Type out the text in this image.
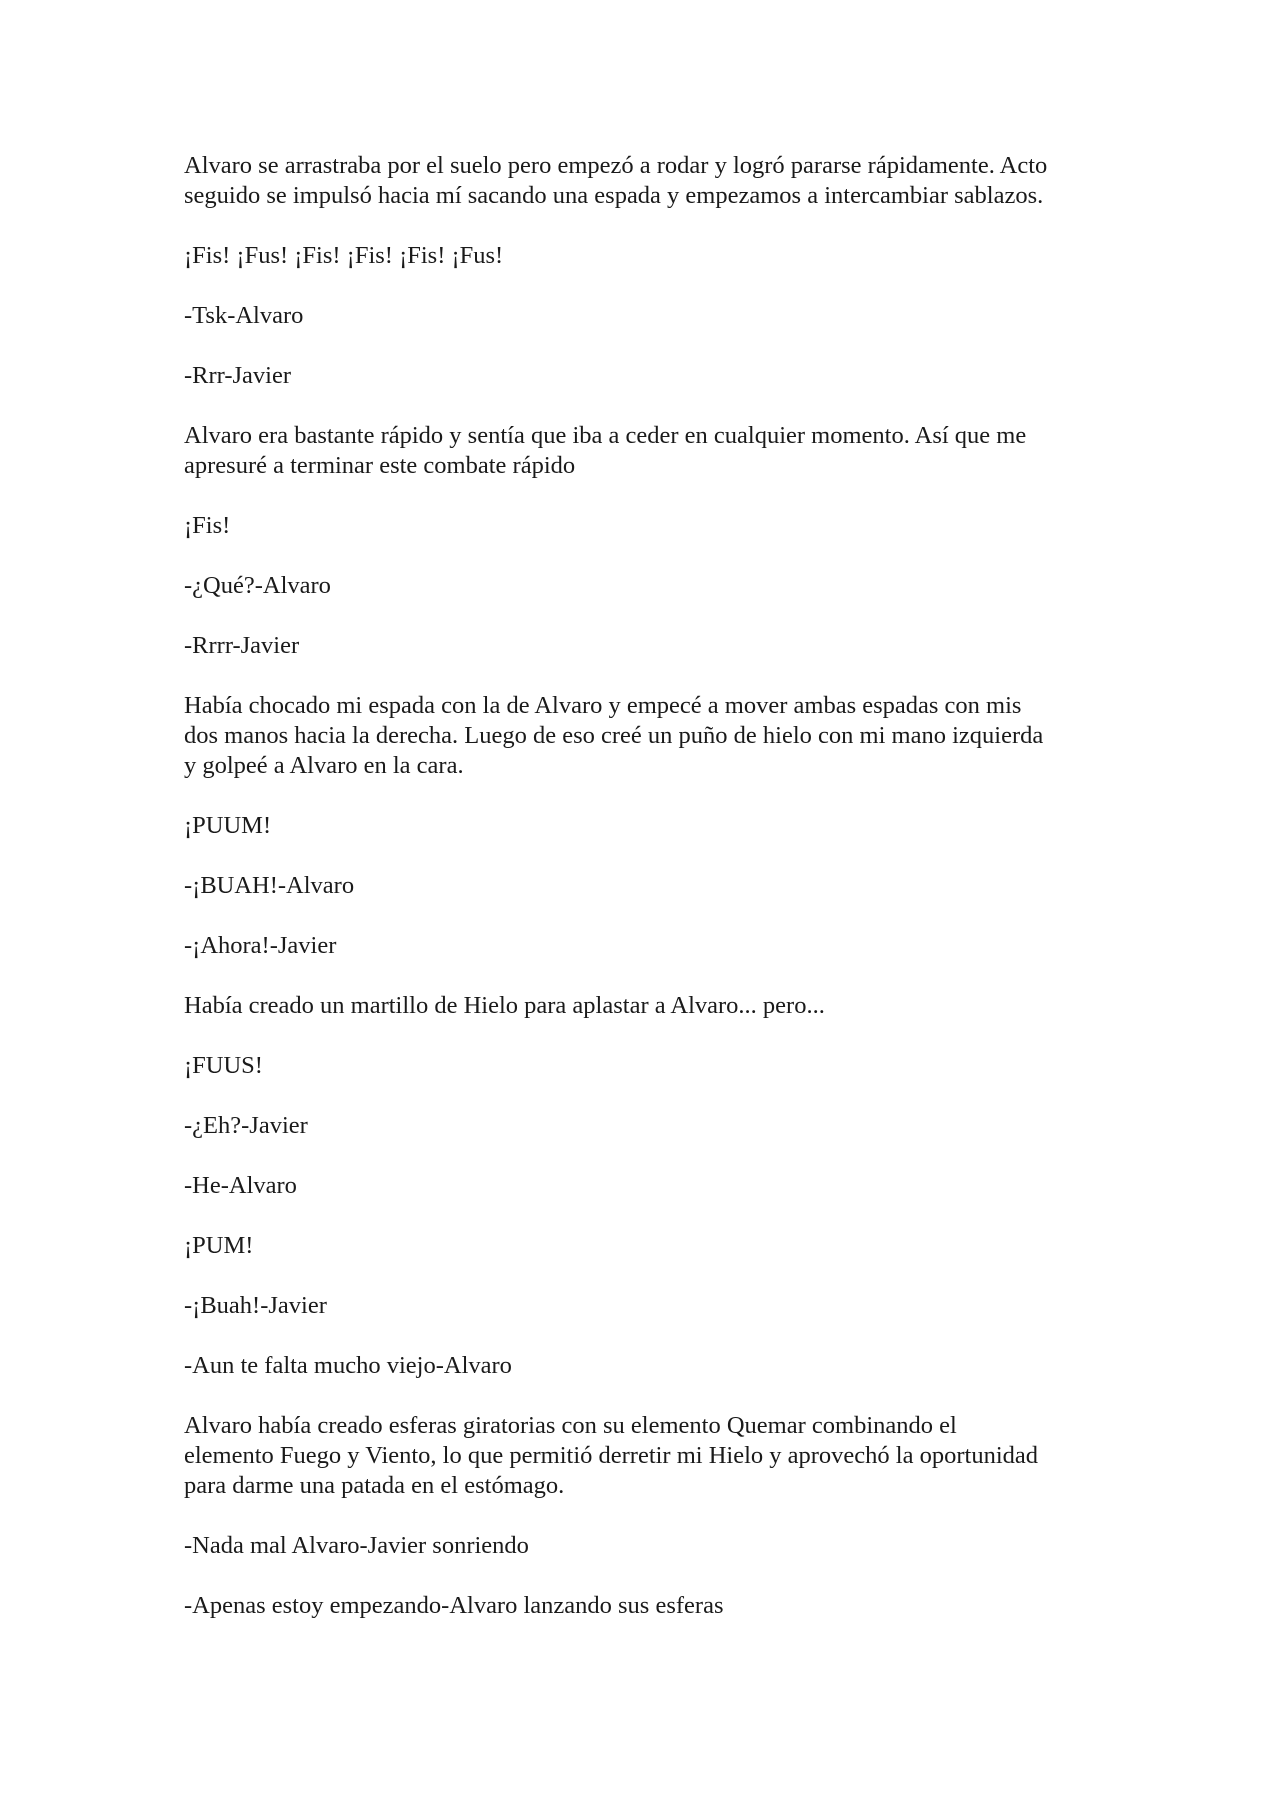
Alvaro se arrastraba por el suelo pero empezó a rodar y logró pararse rápidamente. Acto
seguido se impulsó hacia mí sacando una espada y empezamos a intercambiar sablazos.

¡Fis! ¡Fus! ¡Fis! ¡Fis! ¡Fis! ¡Fus!

-Tsk-Alvaro

-Rrr-Javier

Alvaro era bastante rápido y sentía que iba a ceder en cualquier momento. Así que me
apresuré a terminar este combate rápido

¡Fis!

-¿Qué?-Alvaro

-Rrrr-Javier

Había chocado mi espada con la de Alvaro y empecé a mover ambas espadas con mis
dos manos hacia la derecha. Luego de eso creé un puño de hielo con mi mano izquierda
y golpeé a Alvaro en la cara.

¡PUUM!

-¡BUAH!-Alvaro

-¡Ahora!-Javier

Había creado un martillo de Hielo para aplastar a Alvaro... pero...

¡FUUS!

-¿Eh?-Javier

-He-Alvaro

¡PUM!

-¡Buah!-Javier

-Aun te falta mucho viejo-Alvaro

Alvaro había creado esferas giratorias con su elemento Quemar combinando el
elemento Fuego y Viento, lo que permitió derretir mi Hielo y aprovechó la oportunidad
para darme una patada en el estómago.

-Nada mal Alvaro-Javier sonriendo

-Apenas estoy empezando-Alvaro lanzando sus esferas
